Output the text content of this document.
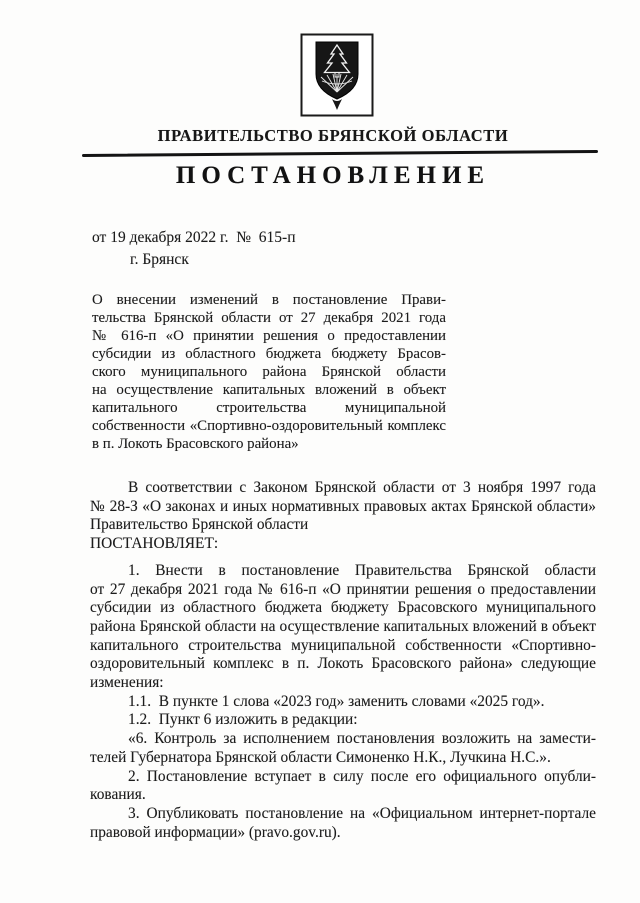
ПРАВИТЕЛЬСТВО БРЯНСКОЙ ОБЛАСТИ
ПОСТАНОВЛЕНИЕ
от 19 декабря 2022 г.  №  615-п
г. Брянск
О внесении изменений в постановление Прави-
тельства Брянской области от 27 декабря 2021 года
№ 616-п «О принятии решения о предоставлении
субсидии из областного бюджета бюджету Брасов-
ского муниципального района Брянской области
на осуществление капитальных вложений в объект
капитального строительства муниципальной
собственности «Спортивно-оздоровительный комплекс
в п. Локоть Брасовского района»
В соответствии с Законом Брянской области от 3 ноября 1997 года
№ 28-З «О законах и иных нормативных правовых актах Брянской области»
Правительство Брянской области
ПОСТАНОВЛЯЕТ:
1. Внести в постановление Правительства Брянской области
от 27 декабря 2021 года № 616-п «О принятии решения о предоставлении
субсидии из областного бюджета бюджету Брасовского муниципального
района Брянской области на осуществление капитальных вложений в объект
капитального строительства муниципальной собственности «Спортивно-
оздоровительный комплекс в п. Локоть Брасовского района» следующие
изменения:
1.1.  В пункте 1 слова «2023 год» заменить словами «2025 год».
1.2.  Пункт 6 изложить в редакции:
«6. Контроль за исполнением постановления возложить на замести-
телей Губернатора Брянской области Симоненко Н.К., Лучкина Н.С.».
2. Постановление вступает в силу после его официального опубли-
кования.
3. Опубликовать постановление на «Официальном интернет-портале
правовой информации» (pravo.gov.ru).
